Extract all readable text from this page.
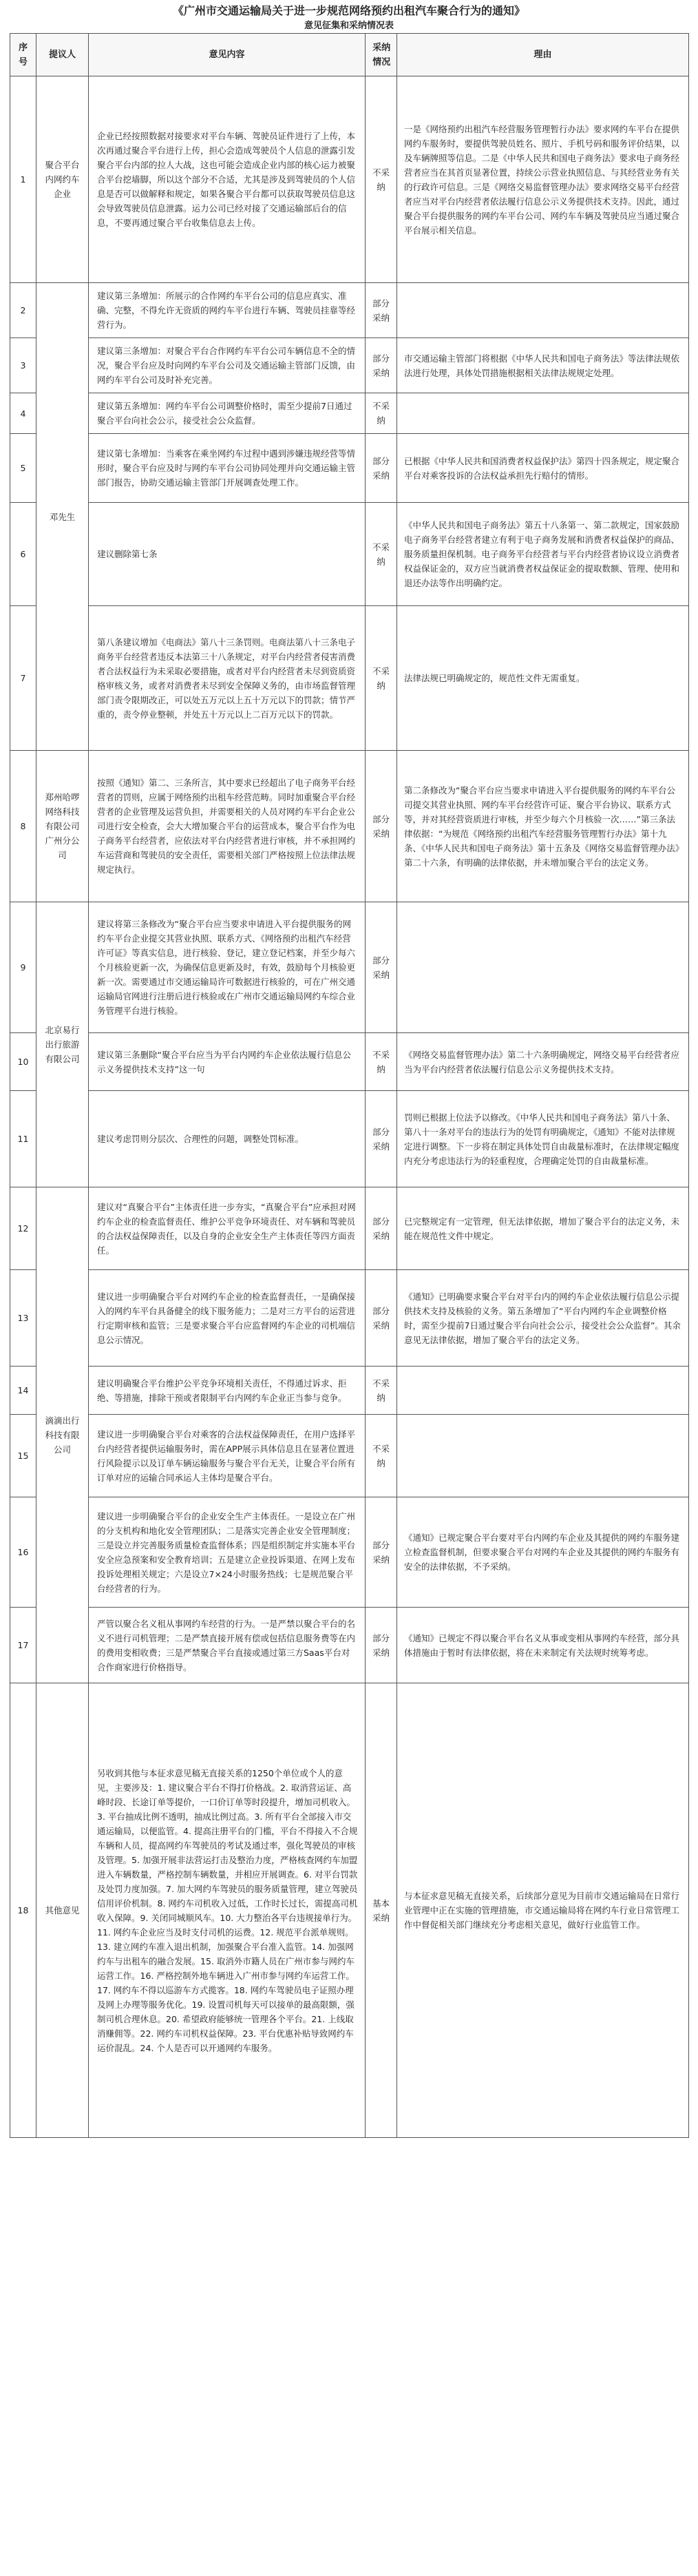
《广州市交通运输局关于进一步规范网络预约出租汽车聚合行为的通知》
意见征集和采纳情况表
序号	提议人	意见内容	采纳情况	理由
1	聚合平台内网约车企业	企业已经按照数据对接要求对平台车辆、驾驶员证件进行了上传，本次再通过聚合平台进行上传，担心会造成驾驶员个人信息的泄露引发聚合平台内部的拉人大战，这也可能会造成企业内部的核心运力被聚合平台挖墙脚，所以这个部分不合适，尤其是涉及到驾驶员的个人信息是否可以做解释和规定，如果各聚合平台都可以获取驾驶员信息这会导致驾驶员信息泄露。运力公司已经对接了交通运输部后台的信息，不要再通过聚合平台收集信息去上传。	不采纳	一是《网络预约出租汽车经营服务管理暂行办法》要求网约车平台在提供网约车服务时，要提供驾驶员姓名、照片、手机号码和服务评价结果，以及车辆牌照等信息。二是《中华人民共和国电子商务法》要求电子商务经营者应当在其首页显著位置，持续公示营业执照信息、与其经营业务有关的行政许可信息。三是《网络交易监督管理办法》要求网络交易平台经营者应当对平台内经营者依法履行信息公示义务提供技术支持。因此，通过聚合平台提供服务的网约车平台公司、网约车车辆及驾驶员应当通过聚合平台展示相关信息。
2	邓先生	建议第三条增加：所展示的合作网约车平台公司的信息应真实、准确、完整，不得允许无资质的网约车平台进行车辆、驾驶员挂靠等经营行为。	部分采纳	
3		建议第三条增加：对聚合平台合作网约车平台公司车辆信息不全的情况，聚合平台应及时向网约车平台公司及交通运输主管部门反馈，由网约车平台公司及时补充完善。	部分采纳	市交通运输主管部门将根据《中华人民共和国电子商务法》等法律法规依法进行处理，具体处罚措施根据相关法律法规规定处理。
4		建议第五条增加：网约车平台公司调整价格时，需至少提前7日通过聚合平台向社会公示，接受社会公众监督。	不采纳	
5		建议第七条增加：当乘客在乘坐网约车过程中遇到涉嫌违规经营等情形时，聚合平台应及时与网约车平台公司协同处理并向交通运输主管部门报告，协助交通运输主管部门开展调查处理工作。	部分采纳	已根据《中华人民共和国消费者权益保护法》第四十四条规定，规定聚合平台对乘客投诉的合法权益承担先行赔付的情形。
6		建议删除第七条	不采纳	《中华人民共和国电子商务法》第五十八条第一、第二款规定，国家鼓励电子商务平台经营者建立有利于电子商务发展和消费者权益保护的商品、服务质量担保机制。电子商务平台经营者与平台内经营者协议设立消费者权益保证金的，双方应当就消费者权益保证金的提取数额、管理、使用和退还办法等作出明确约定。
7		第八条建议增加《电商法》第八十三条罚则。电商法第八十三条电子商务平台经营者违反本法第三十八条规定，对平台内经营者侵害消费者合法权益行为未采取必要措施，或者对平台内经营者未尽到资质资格审核义务，或者对消费者未尽到安全保障义务的，由市场监督管理部门责令限期改正，可以处五万元以上五十万元以下的罚款；情节严重的，责令停业整顿，并处五十万元以上二百万元以下的罚款。	不采纳	法律法规已明确规定的，规范性文件无需重复。
8	郑州哈啰网络科技有限公司广州分公司	按照《通知》第二、三条所言，其中要求已经超出了电子商务平台经营者的罚则，应属于网络预约出租车经营范畴。同时加重聚合平台经营者的企业管理及运营负担，并需要相关的人员对网约车平台企业公司进行安全检查，会大大增加聚合平台的运营成本，聚合平台作为电子商务平台经营者，应依法对平台内经营者进行审核，并不承担网约车运营商和驾驶员的安全责任，需要相关部门严格按照上位法律法规规定执行。	部分采纳	第二条修改为“聚合平台应当要求申请进入平台提供服务的网约车平台公司提交其营业执照、网约车平台经营许可证、聚合平台协议、联系方式等，并对其经营资质进行审核，并至少每六个月核验一次……”第三条法律依据：“为规范《网络预约出租汽车经营服务管理暂行办法》第十九条、《中华人民共和国电子商务法》第十五条及《网络交易监督管理办法》第二十六条，有明确的法律依据，并未增加聚合平台的法定义务。
9	北京易行出行旅游有限公司	建议将第三条修改为“聚合平台应当要求申请进入平台提供服务的网约车平台企业提交其营业执照、联系方式、《网络预约出租汽车经营许可证》等真实信息，进行核验、登记，建立登记档案，并至少每六个月核验更新一次，为确保信息更新及时，有效，鼓励每个月核验更新一次。需要通过市交通运输局许可数据进行核验的，可在广州交通运输局官网进行注册后进行核验或在广州市交通运输局网约车综合业务管理平台进行核验。	部分采纳	
10		建议第三条删除“聚合平台应当为平台内网约车企业依法履行信息公示义务提供技术支持”这一句	不采纳	《网络交易监督管理办法》第二十六条明确规定，网络交易平台经营者应当为平台内经营者依法履行信息公示义务提供技术支持。
11		建议考虑罚则分层次、合理性的问题，调整处罚标准。	部分采纳	罚则已根据上位法予以修改。《中华人民共和国电子商务法》第八十条、第八十一条对平台的违法行为的处罚有明确规定，《通知》不能对法律规定进行调整。下一步将在制定具体处罚自由裁量标准时，在法律规定幅度内充分考虑违法行为的轻重程度，合理确定处罚的自由裁量标准。
12	滴滴出行科技有限公司	建议对“真聚合平台”主体责任进一步夯实，“真聚合平台”应承担对网约车企业的检查监督责任、维护公平竞争环境责任、对车辆和驾驶员的合法权益保障责任，以及自身的企业安全生产主体责任等四方面责任。	部分采纳	已完整规定有一定管理，但无法律依据，增加了聚合平台的法定义务，未能在规范性文件中规定。
13		建议进一步明确聚合平台对网约车企业的检查监督责任，一是确保接入的网约车平台具备健全的线下服务能力；二是对三方平台的运营进行定期审核和监管；三是要求聚合平台应监督网约车企业的司机端信息公示情况。	部分采纳	《通知》已明确要求聚合平台对平台内的网约车企业依法履行信息公示提供技术支持及核验的义务。第五条增加了“平台内网约车企业调整价格时，需至少提前7日通过聚合平台向社会公示，接受社会公众监督”。其余意见无法律依据，增加了聚合平台的法定义务。
14		建议明确聚合平台维护公平竞争环境相关责任，不得通过诉求、拒绝、等措施，排除干预或者限制平台内网约车企业正当参与竞争。	不采纳	
15		建议进一步明确聚合平台对乘客的合法权益保障责任，在用户选择平台内经营者提供运输服务时，需在APP展示具体信息且在显著位置进行风险提示以及订单车辆运输服务与聚合平台无关，让聚合平台所有订单对应的运输合同承运人主体均是聚合平台。	不采纳	
16		建议进一步明确聚合平台的企业安全生产主体责任。一是设立在广州的分支机构和地化安全管理团队；二是落实完善企业安全管理制度；三是设立并完善服务质量检查监督体系；四是组织制定并实施本平台安全应急预案和安全教育培训；五是建立企业投诉渠道、在网上发布投诉处理相关规定；六是设立7×24小时服务热线；七是规范聚合平台经营者的行为。	部分采纳	《通知》已规定聚合平台要对平台内网约车企业及其提供的网约车服务建立检查监督机制，但要求聚合平台对网约车企业及其提供的网约车服务有安全的法律依据，不予采纳。
17		严管以聚合名义租从事网约车经营的行为。一是严禁以聚合平台的名义不进行司机管理；二是严禁直接开展有偿或包括信息服务费等在内的费用变相收费；三是严禁聚合平台直接或通过第三方Saas平台对合作商家进行价格指导。	部分采纳	《通知》已规定不得以聚合平台名义从事或变相从事网约车经营，部分具体措施由于暂时有法律依据，将在未来制定有关法规时统筹考虑。
18	其他意见	另收到其他与本征求意见稿无直接关系的1250个单位或个人的意见，主要涉及：1. 建议聚合平台不得打价格战。2. 取消营运证、高峰时段、长途订单等提价，一口价订单等时段提升，增加司机收入。3. 平台抽成比例不透明，抽成比例过高。3. 所有平台全部接入市交通运输局，以便监管。4. 提高注册平台的门槛，平台不得接入不合规车辆和人员，提高网约车驾驶员的考试及通过率，强化驾驶员的审核及管理。5. 加强开展非法营运打击及整治力度，严格核查网约车加盟进入车辆数量，严格控制车辆数量，并相应开展调查。6. 对平台罚款及处罚力度加强。7. 加大网约车驾驶员的服务质量管理，建立驾驶员信用评价机制。8. 网约车司机收入过低，工作时长过长，需提高司机收入保障。9. 关闭同城顺风车。10. 大力整治各平台违规接单行为。11. 网约车企业应当及时支付司机的运费。12. 规范平台派单规则。13. 建立网约车准入退出机制，加强聚合平台准入监管。14. 加强网约车与出租车的融合发展。15. 取消外市籍人员在广州市参与网约车运营工作。16. 严格控制外地车辆进入广州市参与网约车运营工作。17. 网约车不得以巡游车方式揽客。18. 网约车驾驶员电子证照办理及网上办理等服务优化。19. 设置司机每天可以接单的最高限额，强制司机合理休息。20. 希望政府能够统一管理各个平台。21. 上线取消赚佣等。22. 网约车司机权益保障。23. 平台优惠补贴导致网约车运价混乱。24. 个人是否可以开通网约车服务。	基本采纳	与本征求意见稿无直接关系，后续部分意见为目前市交通运输局在日常行业管理中正在实施的管理措施，市交通运输局将在网约车行业日常管理工作中督促相关部门继续充分考虑相关意见，做好行业监管工作。
